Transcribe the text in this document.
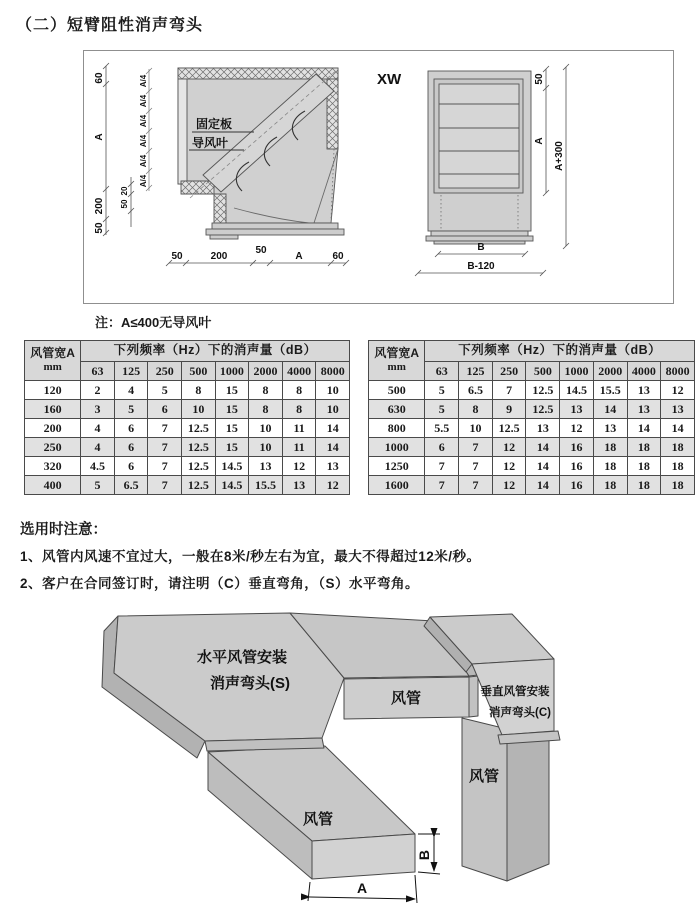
（二）短臂阻性消声弯头
固定板
导风叶
60
A
200
50
20
50
A/4
A/4
A/4
A/4
A/4
A/4
50	200
50
A	60
XW	50
A
A+300
B
B-120
注：A≤400无导风叶
风管宽A
mm	下列频率（Hz）下的消声量（dB）							
	63	125	250	500	1000	2000	4000	8000
120	2	4	5	8	15	8	8	10
160	3	5	6	10	15	8	8	10
200	4	6	7	12.5	15	10	11	14
250	4	6	7	12.5	15	10	11	14
320	4.5	6	7	12.5	14.5	13	12	13
400	5	6.5	7	12.5	14.5	15.5	13	12
风管宽A
mm	下列频率（Hz）下的消声量（dB）							
	63	125	250	500	1000	2000	4000	8000
500	5	6.5	7	12.5	14.5	15.5	13	12
630	5	8	9	12.5	13	14	13	13
800	5.5	10	12.5	13	12	13	14	14
1000	6	7	12	14	16	18	18	18
1250	7	7	12	14	16	18	18	18
1600	7	7	12	14	16	18	18	18
选用时注意：

1、风管内风速不宜过大，一般在8米/秒左右为宜，最大不得超过12米/秒。

2、客户在合同签订时，请注明（C）垂直弯角，（S）水平弯角。

风管
水平风管安装
消声弯头(S)
风管
风管
垂直风管安装
消声弯头(C)
A
B
